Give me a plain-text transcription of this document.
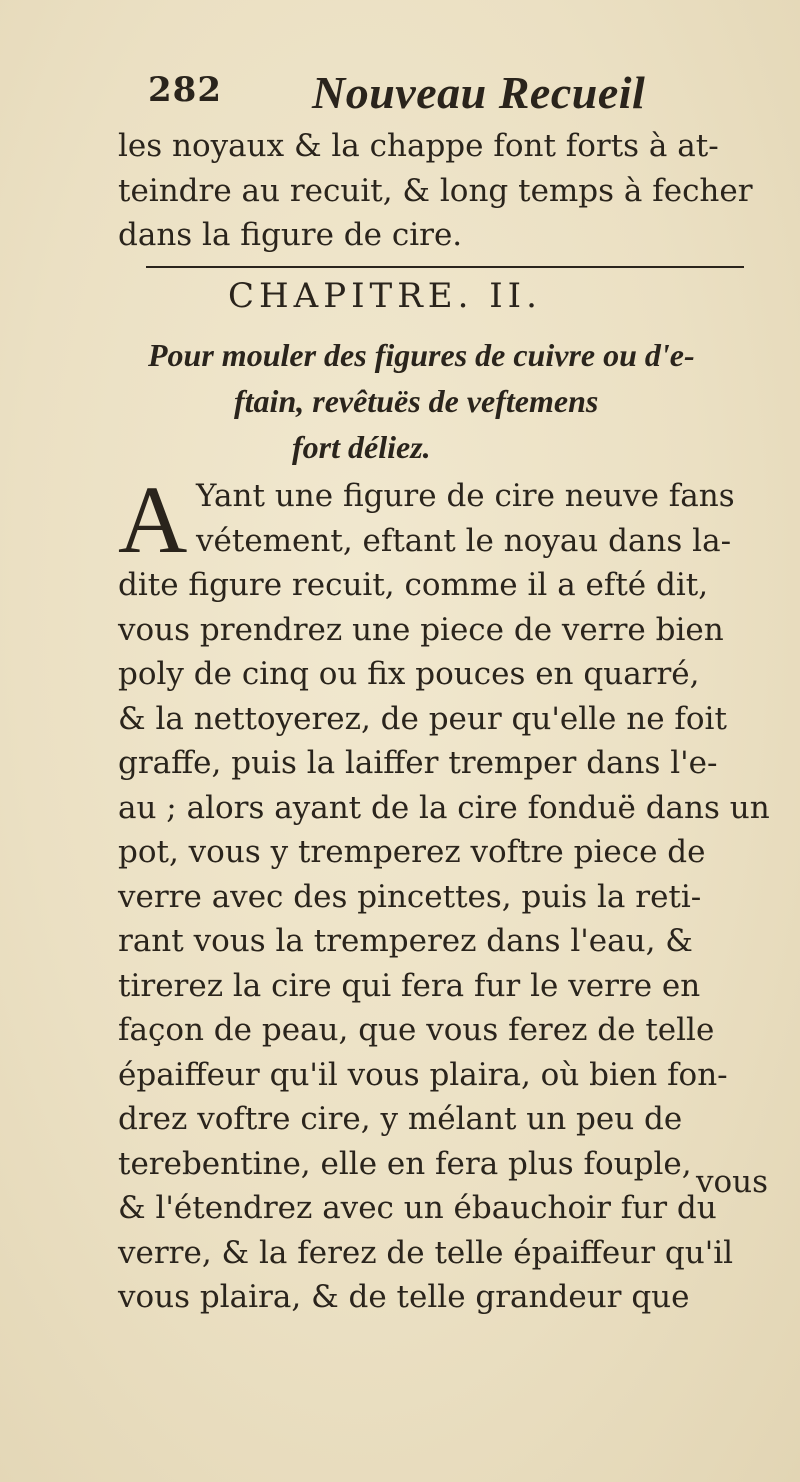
282 Nouveau Recueil
les noyaux & la chappe font forts à at-
teindre au recuit, & long temps à fecher
dans la figure de cire.
CHAPITRE. II.
Pour mouler des figures de cuivre ou d'e-
ftain, revêtuës de veftemens
fort déliez.
A Yant une figure de cire neuve fans
vétement, eftant le noyau dans la-
dite figure recuit, comme il a efté dit,
vous prendrez une piece de verre bien
poly de cinq ou fix pouces en quarré,
& la nettoyerez, de peur qu'elle ne foit
graffe, puis la laiffer tremper dans l'e-
au ; alors ayant de la cire fonduë dans un
pot, vous y tremperez voftre piece de
verre avec des pincettes, puis la reti-
rant vous la tremperez dans l'eau, &
tirerez la cire qui fera fur le verre en
façon de peau, que vous ferez de telle
épaiffeur qu'il vous plaira, où bien fon-
drez voftre cire, y mélant un peu de
terebentine, elle en fera plus fouple,
& l'étendrez avec un ébauchoir fur du
verre, & la ferez de telle épaiffeur qu'il
vous plaira, & de telle grandeur que
vous
